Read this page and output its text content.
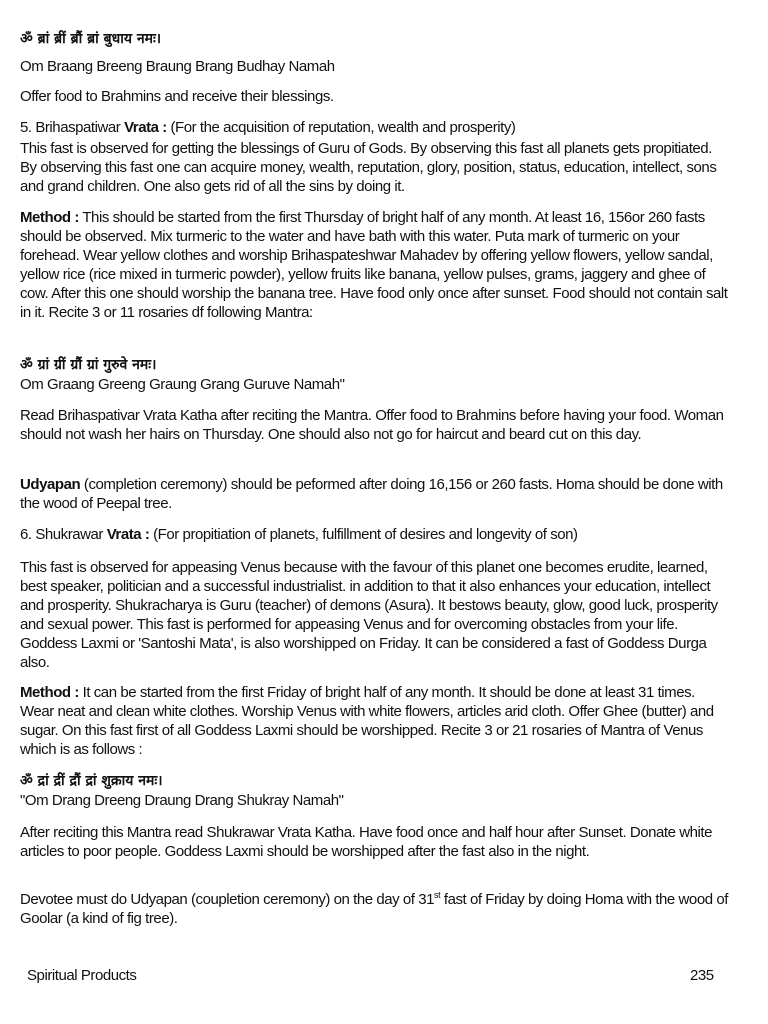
ॐ ब्रां ब्रीं ब्रौं ब्रां बुधाय नमः।

Om Braang Breeng Braung Brang Budhay Namah

Offer food to Brahmins and receive their blessings.

5. Brihaspatiwar Vrata : (For the acquisition of reputation, wealth and prosperity)

This fast is observed for getting the blessings of Guru of Gods. By observing this fast all planets gets propitiated. By observing this fast one can acquire money, wealth, reputation, glory, position, status, education, intellect, sons and grand children. One also gets rid of all the sins by doing it.

Method : This should be started from the first Thursday of bright half of any month. At least 16, 156or 260 fasts should be observed. Mix turmeric to the water and have bath with this water. Puta mark of turmeric on your forehead. Wear yellow clothes and worship Brihaspateshwar Mahadev by offering yellow flowers, yellow sandal, yellow rice (rice mixed in turmeric powder), yellow fruits like banana, yellow pulses, grams, jaggery and ghee of cow. After this one should worship the banana tree. Have food only once after sunset. Food should not contain salt in it. Recite 3 or 11 rosaries df following Mantra:

ॐ ग्रां ग्रीं ग्रौं ग्रां गुरुवे नमः।

Om Graang Greeng Graung Grang Guruve Namah"

Read Brihaspativar Vrata Katha after reciting the Mantra. Offer food to Brahmins before having your food. Woman should not wash her hairs on Thursday. One should also not go for haircut and beard cut on this day.

Udyapan (completion ceremony) should be peformed after doing 16,156 or 260 fasts. Homa should be done with the wood of Peepal tree.

6. Shukrawar Vrata : (For propitiation of planets, fulfillment of desires and longevity of son)

This fast is observed for appeasing Venus because with the favour of this planet one becomes erudite, learned, best speaker, politician and a successful industrialist. in addition to that it also enhances your education, intellect and prosperity. Shukracharya is Guru (teacher) of demons (Asura). It bestows beauty, glow, good luck, prosperity and sexual power. This fast is performed for appeasing Venus and for overcoming obstacles from your life. Goddess Laxmi or 'Santoshi Mata', is also worshipped on Friday. It can be considered a fast of Goddess Durga also.

Method : It can be started from the first Friday of bright half of any month. It should be done at least 31 times. Wear neat and clean white clothes. Worship Venus with white flowers, articles arid cloth. Offer Ghee (butter) and sugar. On this fast first of all Goddess Laxmi should be worshipped. Recite 3 or 21 rosaries of Mantra of Venus which is as follows :

ॐ द्रां द्रीं द्रौं द्रां शुक्राय नमः।

"Om Drang Dreeng Draung Drang Shukray Namah"

After reciting this Mantra read Shukrawar Vrata Katha. Have food once and half hour after Sunset. Donate white articles to poor people. Goddess Laxmi should be worshipped after the fast also in the night.

Devotee must do Udyapan (coupletion ceremony) on the day of 31st fast of Friday by doing Homa with the wood of Goolar (a kind of fig tree).

Spiritual Products	235
